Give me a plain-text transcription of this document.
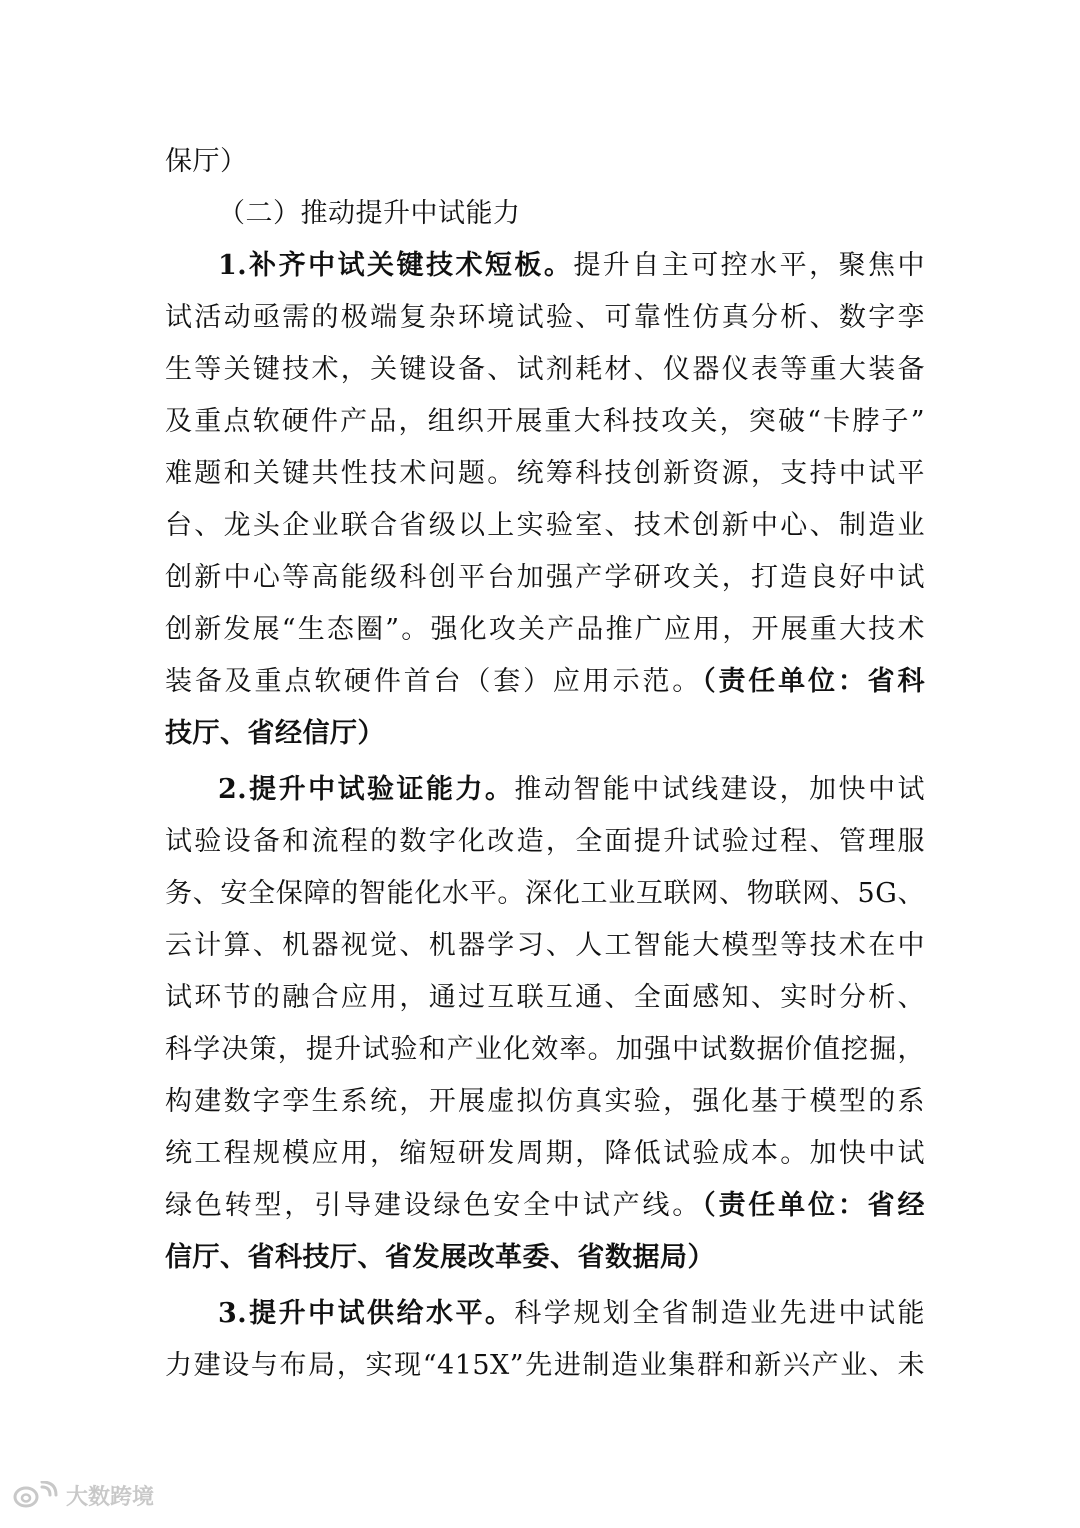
保厅）
（二）推动提升中试能力
1.补齐中试关键技术短板。提升自主可控水平，聚焦中
试活动亟需的极端复杂环境试验、可靠性仿真分析、数字孪
生等关键技术，关键设备、试剂耗材、仪器仪表等重大装备
及重点软硬件产品，组织开展重大科技攻关，突破“卡脖子”
难题和关键共性技术问题。统筹科技创新资源，支持中试平
台、龙头企业联合省级以上实验室、技术创新中心、制造业
创新中心等高能级科创平台加强产学研攻关，打造良好中试
创新发展“生态圈”。强化攻关产品推广应用，开展重大技术
装备及重点软硬件首台（套）应用示范。（责任单位：省科
技厅、省经信厅）
2.提升中试验证能力。推动智能中试线建设，加快中试
试验设备和流程的数字化改造，全面提升试验过程、管理服
务、安全保障的智能化水平。深化工业互联网、物联网、5G、
云计算、机器视觉、机器学习、人工智能大模型等技术在中
试环节的融合应用，通过互联互通、全面感知、实时分析、
科学决策，提升试验和产业化效率。加强中试数据价值挖掘，
构建数字孪生系统，开展虚拟仿真实验，强化基于模型的系
统工程规模应用，缩短研发周期，降低试验成本。加快中试
绿色转型，引导建设绿色安全中试产线。（责任单位：省经
信厅、省科技厅、省发展改革委、省数据局）
3.提升中试供给水平。科学规划全省制造业先进中试能
力建设与布局，实现“415X”先进制造业集群和新兴产业、未
大数跨境
